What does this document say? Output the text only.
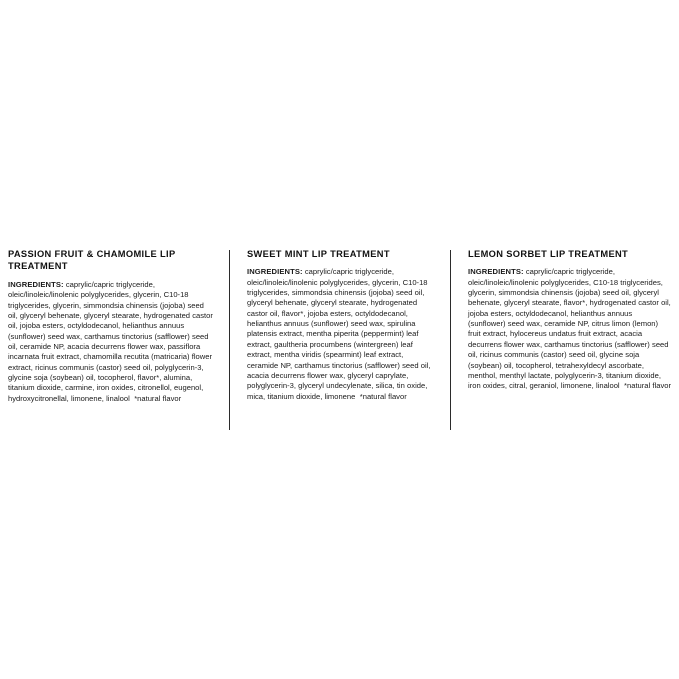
PASSION FRUIT & CHAMOMILE LIP TREATMENT

INGREDIENTS: caprylic/capric triglyceride, oleic/linoleic/linolenic polyglycerides, glycerin, C10-18 triglycerides, glycerin, simmondsia chinensis (jojoba) seed oil, glyceryl behenate, glyceryl stearate, hydrogenated castor oil, jojoba esters, octyldodecanol, helianthus annuus (sunflower) seed wax, carthamus tinctorius (safflower) seed oil, ceramide NP, acacia decurrens flower wax, passiflora incarnata fruit extract, chamomilla recutita (matricaria) flower extract, ricinus communis (castor) seed oil, polyglycerin-3, glycine soja (soybean) oil, tocopherol, flavor*, alumina, titanium dioxide, carmine, iron oxides, citronellol, eugenol, hydroxycitronellal, limonene, linalool *natural flavor

SWEET MINT LIP TREATMENT

INGREDIENTS: caprylic/capric triglyceride, oleic/linoleic/linolenic polyglycerides, glycerin, C10-18 triglycerides, simmondsia chinensis (jojoba) seed oil, glyceryl behenate, glyceryl stearate, hydrogenated castor oil, flavor*, jojoba esters, octyldodecanol, helianthus annuus (sunflower) seed wax, spirulina platensis extract, mentha piperita (peppermint) leaf extract, gaultheria procumbens (wintergreen) leaf extract, mentha viridis (spearmint) leaf extract, ceramide NP, carthamus tinctorius (safflower) seed oil, acacia decurrens flower wax, glyceryl caprylate, polyglycerin-3, glyceryl undecylenate, silica, tin oxide, mica, titanium dioxide, limonene *natural flavor

LEMON SORBET LIP TREATMENT

INGREDIENTS: caprylic/capric triglyceride, oleic/linoleic/linolenic polyglycerides, C10-18 triglycerides, glycerin, simmondsia chinensis (jojoba) seed oil, glyceryl behenate, glyceryl stearate, flavor*, hydrogenated castor oil, jojoba esters, octyldodecanol, helianthus annuus (sunflower) seed wax, ceramide NP, citrus limon (lemon) fruit extract, hylocereus undatus fruit extract, acacia decurrens flower wax, carthamus tinctorius (safflower) seed oil, ricinus communis (castor) seed oil, glycine soja (soybean) oil, tocopherol, tetrahexyldecyl ascorbate, menthol, menthyl lactate, polyglycerin-3, titanium dioxide, iron oxides, citral, geraniol, limonene, linalool *natural flavor
